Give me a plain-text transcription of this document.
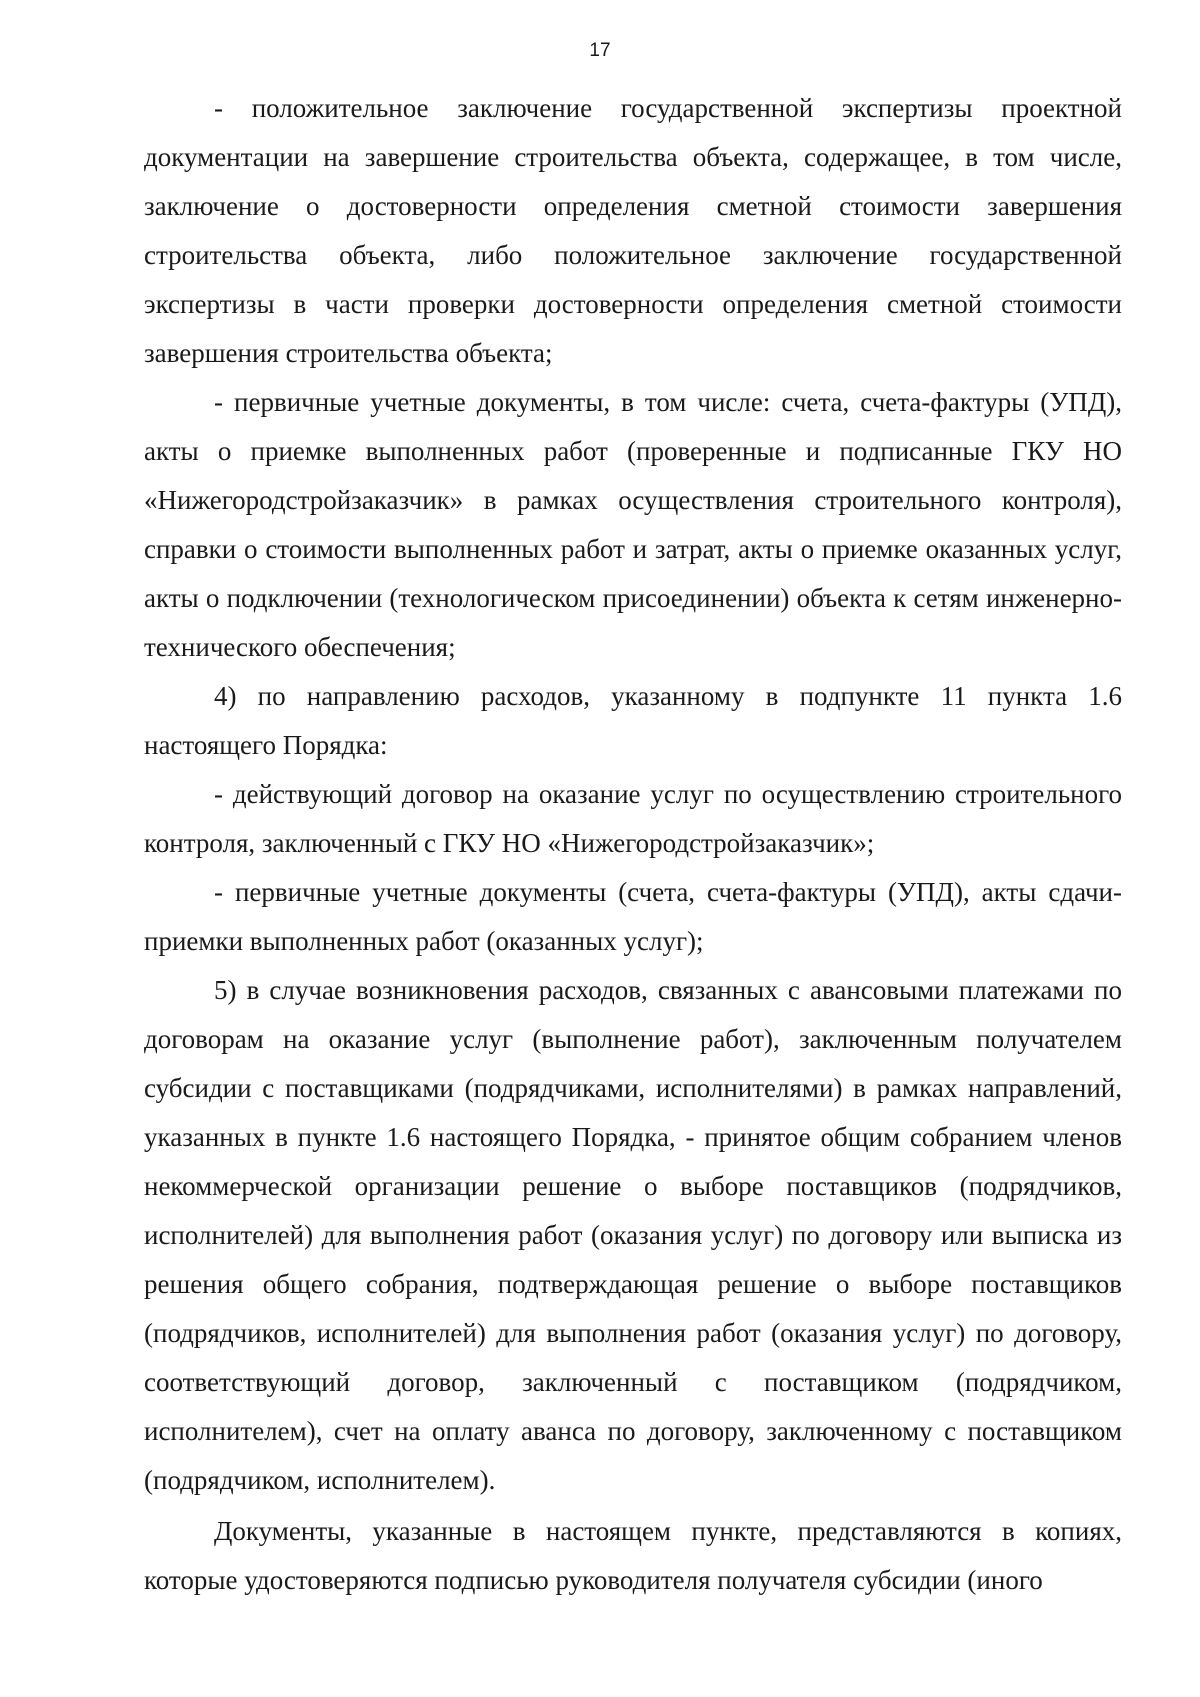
17

- положительное заключение государственной экспертизы проектной документации на завершение строительства объекта, содержащее, в том числе, заключение о достоверности определения сметной стоимости завершения строительства объекта, либо положительное заключение государственной экспертизы в части проверки достоверности определения сметной стоимости завершения строительства объекта;

- первичные учетные документы, в том числе: счета, счета-фактуры (УПД), акты о приемке выполненных работ (проверенные и подписанные ГКУ НО «Нижегородстройзаказчик» в рамках осуществления строительного контроля), справки о стоимости выполненных работ и затрат, акты о приемке оказанных услуг, акты о подключении (технологическом присоединении) объекта к сетям инженерно-технического обеспечения;

4) по направлению расходов, указанному в подпункте 11 пункта 1.6 настоящего Порядка:

- действующий договор на оказание услуг по осуществлению строительного контроля, заключенный с ГКУ НО «Нижегородстройзаказчик»;

- первичные учетные документы (счета, счета-фактуры (УПД), акты сдачи-приемки выполненных работ (оказанных услуг);

5) в случае возникновения расходов, связанных с авансовыми платежами по договорам на оказание услуг (выполнение работ), заключенным получателем субсидии с поставщиками (подрядчиками, исполнителями) в рамках направлений, указанных в пункте 1.6 настоящего Порядка, - принятое общим собранием членов некоммерческой организации решение о выборе поставщиков (подрядчиков, исполнителей) для выполнения работ (оказания услуг) по договору или выписка из решения общего собрания, подтверждающая решение о выборе поставщиков (подрядчиков, исполнителей) для выполнения работ (оказания услуг) по договору, соответствующий договор, заключенный с поставщиком (подрядчиком, исполнителем), счет на оплату аванса по договору, заключенному с поставщиком (подрядчиком, исполнителем).

Документы, указанные в настоящем пункте, представляются в копиях, которые удостоверяются подписью руководителя получателя субсидии (иного
